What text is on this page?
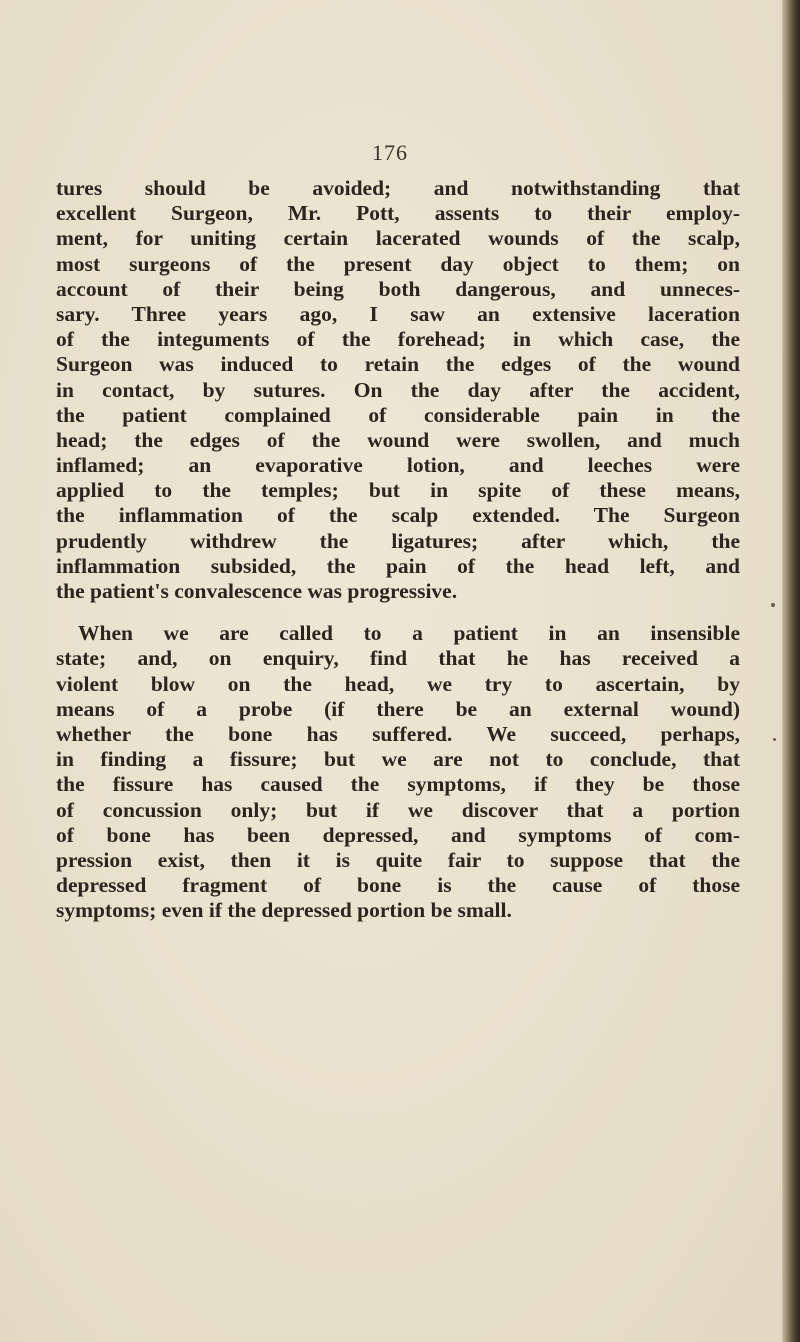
176
tures should be avoided; and notwithstanding that
excellent Surgeon, Mr. Pott, assents to their employ-
ment, for uniting certain lacerated wounds of the scalp,
most surgeons of the present day object to them; on
account of their being both dangerous, and unneces-
sary. Three years ago, I saw an extensive laceration
of the integuments of the forehead; in which case, the
Surgeon was induced to retain the edges of the wound
in contact, by sutures. On the day after the accident,
the patient complained of considerable pain in the
head; the edges of the wound were swollen, and much
inflamed; an evaporative lotion, and leeches were
applied to the temples; but in spite of these means,
the inflammation of the scalp extended. The Surgeon
prudently withdrew the ligatures; after which, the
inflammation subsided, the pain of the head left, and
the patient's convalescence was progressive.
When we are called to a patient in an insensible
state; and, on enquiry, find that he has received a
violent blow on the head, we try to ascertain, by
means of a probe (if there be an external wound)
whether the bone has suffered. We succeed, perhaps,
in finding a fissure; but we are not to conclude, that
the fissure has caused the symptoms, if they be those
of concussion only; but if we discover that a portion
of bone has been depressed, and symptoms of com-
pression exist, then it is quite fair to suppose that the
depressed fragment of bone is the cause of those
symptoms; even if the depressed portion be small.
